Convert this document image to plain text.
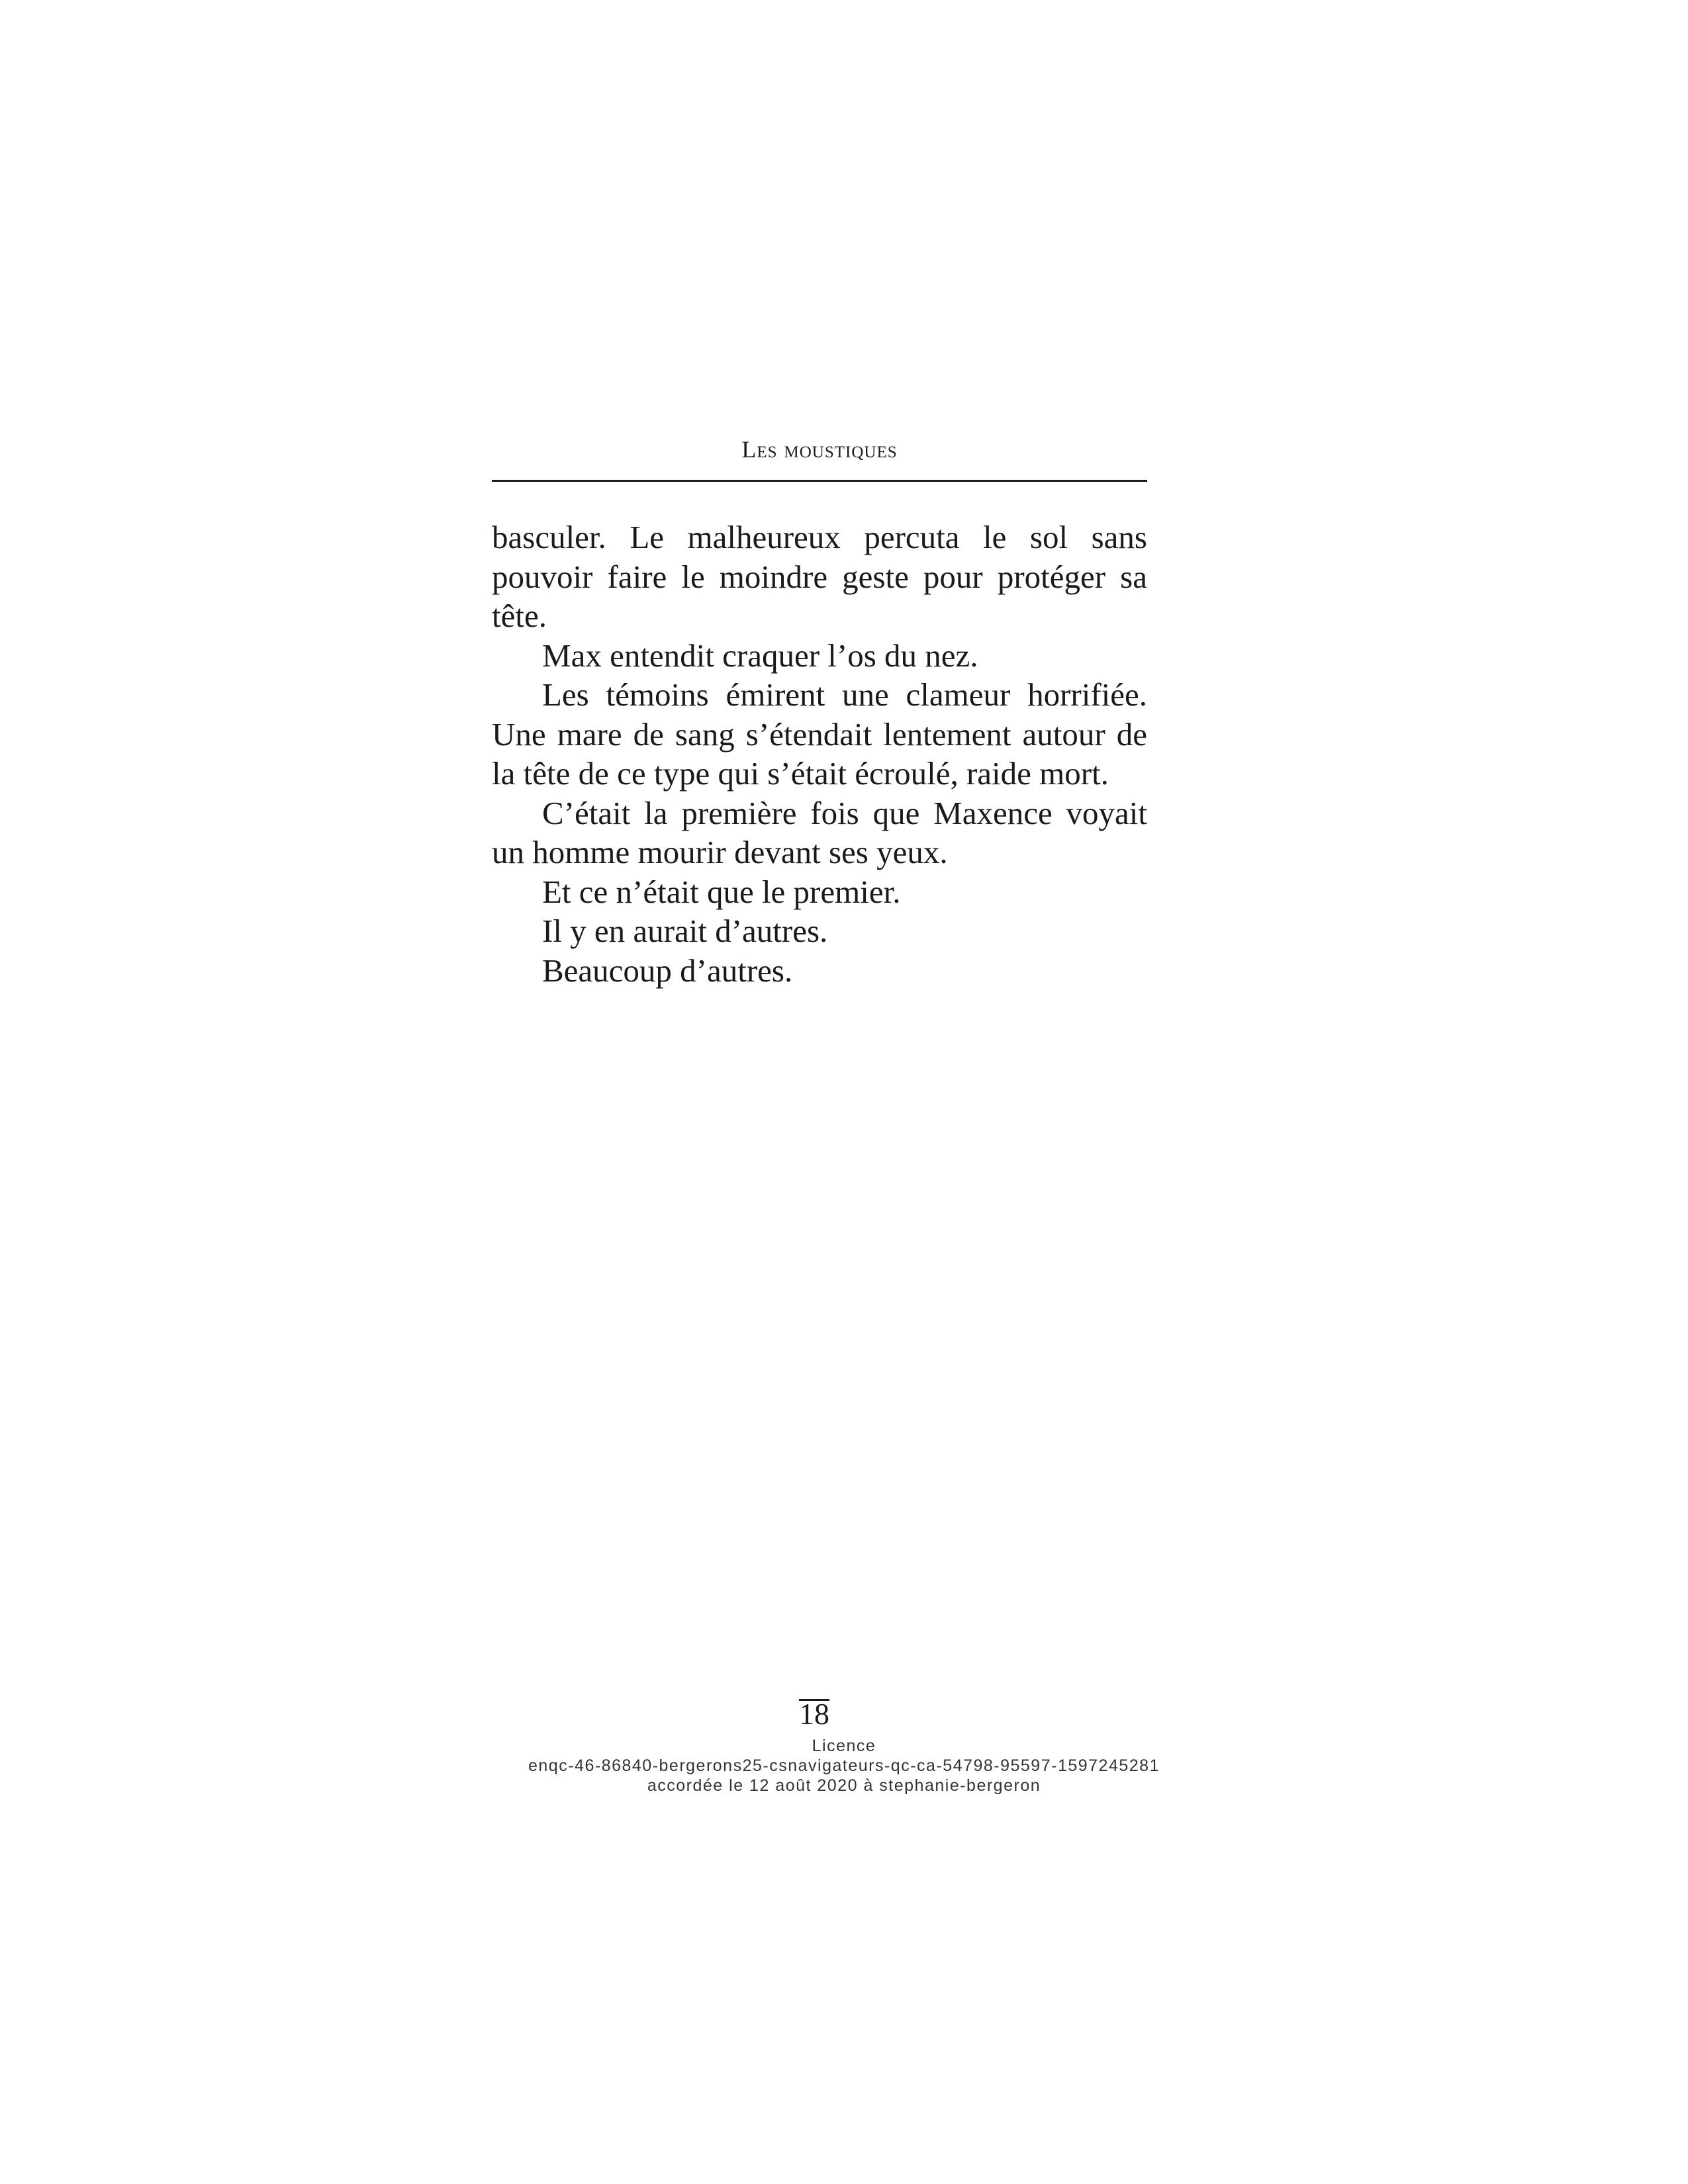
Les moustiques

basculer. Le malheureux percuta le sol sans pouvoir faire le moindre geste pour protéger sa tête.

Max entendit craquer l’os du nez.

Les témoins émirent une clameur horrifiée. Une mare de sang s’étendait lentement autour de la tête de ce type qui s’était écroulé, raide mort.

C’était la première fois que Maxence voyait un homme mourir devant ses yeux.

Et ce n’était que le premier.

Il y en aurait d’autres.

Beaucoup d’autres.

18
Licence
enqc-46-86840-bergerons25-csnavigateurs-qc-ca-54798-95597-1597245281
accordée le 12 août 2020 à stephanie-bergeron
